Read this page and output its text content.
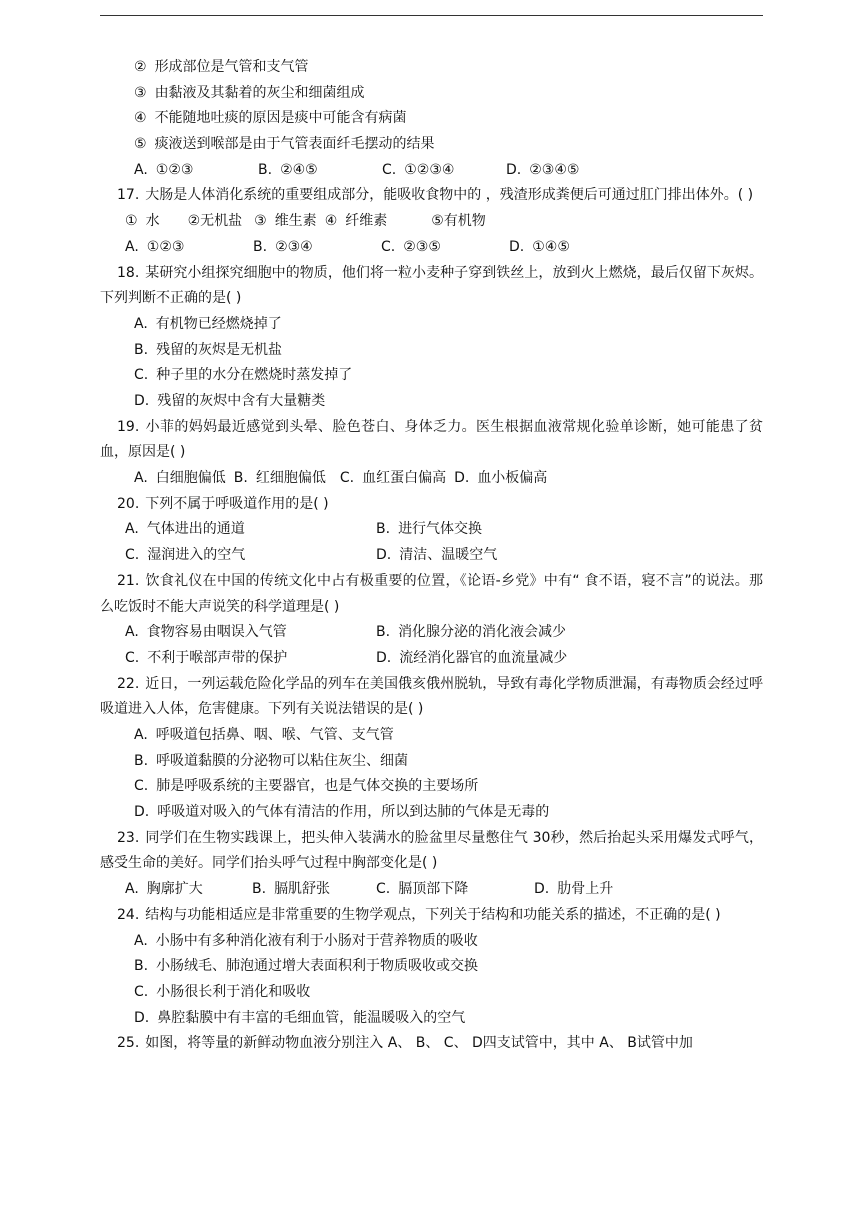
② 形成部位是气管和支气管
③ 由黏液及其黏着的灰尘和细菌组成
④ 不能随地吐痰的原因是痰中可能含有病菌
⑤ 痰液送到喉部是由于气管表面纤毛摆动的结果
A. ①②③	B. ②④⑤	C. ①②③④	D. ②③④⑤
17. 大肠是人体消化系统的重要组成部分，能吸收食物中的 ，残渣形成粪便后可通过肛门排出体外。( )
① 水 ②无机盐 ③ 维生素 ④ 纤维素	⑤有机物
A. ①②③	B. ②③④	C. ②③⑤	D. ①④⑤
18. 某研究小组探究细胞中的物质，他们将一粒小麦种子穿到铁丝上，放到火上燃烧，最后仅留下灰烬。下列判断不正确的是( )
A. 有机物已经燃烧掉了
B. 残留的灰烬是无机盐
C. 种子里的水分在燃烧时蒸发掉了
D. 残留的灰烬中含有大量糖类
19. 小菲的妈妈最近感觉到头晕、脸色苍白、身体乏力。医生根据血液常规化验单诊断，她可能患了贫血，原因是( )
A. 白细胞偏低 B. 红细胞偏低 C. 血红蛋白偏高 D. 血小板偏高
20. 下列不属于呼吸道作用的是( )
A. 气体进出的通道	B. 进行气体交换
C. 湿润进入的空气	D. 清洁、温暖空气
21. 饮食礼仪在中国的传统文化中占有极重要的位置，《论语-乡党》中有“ 食不语，寝不言”的说法。那么吃饭时不能大声说笑的科学道理是( )
A. 食物容易由咽误入气管	B. 消化腺分泌的消化液会减少
C. 不利于喉部声带的保护	D. 流经消化器官的血流量减少
22. 近日，一列运载危险化学品的列车在美国俄亥俄州脱轨，导致有毒化学物质泄漏，有毒物质会经过呼吸道进入人体，危害健康。下列有关说法错误的是( )
A. 呼吸道包括鼻、咽、喉、气管、支气管
B. 呼吸道黏膜的分泌物可以粘住灰尘、细菌
C. 肺是呼吸系统的主要器官，也是气体交换的主要场所
D. 呼吸道对吸入的气体有清洁的作用，所以到达肺的气体是无毒的
23. 同学们在生物实践课上，把头伸入装满水的脸盆里尽量憋住气 30秒，然后抬起头采用爆发式呼气，感受生命的美好。同学们抬头呼气过程中胸部变化是( )
A. 胸廓扩大	B. 膈肌舒张	C. 膈顶部下降	D. 肋骨上升
24. 结构与功能相适应是非常重要的生物学观点，下列关于结构和功能关系的描述，不正确的是( )
A. 小肠中有多种消化液有利于小肠对于营养物质的吸收
B. 小肠绒毛、肺泡通过增大表面积利于物质吸收或交换
C. 小肠很长利于消化和吸收
D. 鼻腔黏膜中有丰富的毛细血管，能温暖吸入的空气
25. 如图，将等量的新鲜动物血液分别注入 A、 B、 C、 D四支试管中，其中 A、 B试管中加
